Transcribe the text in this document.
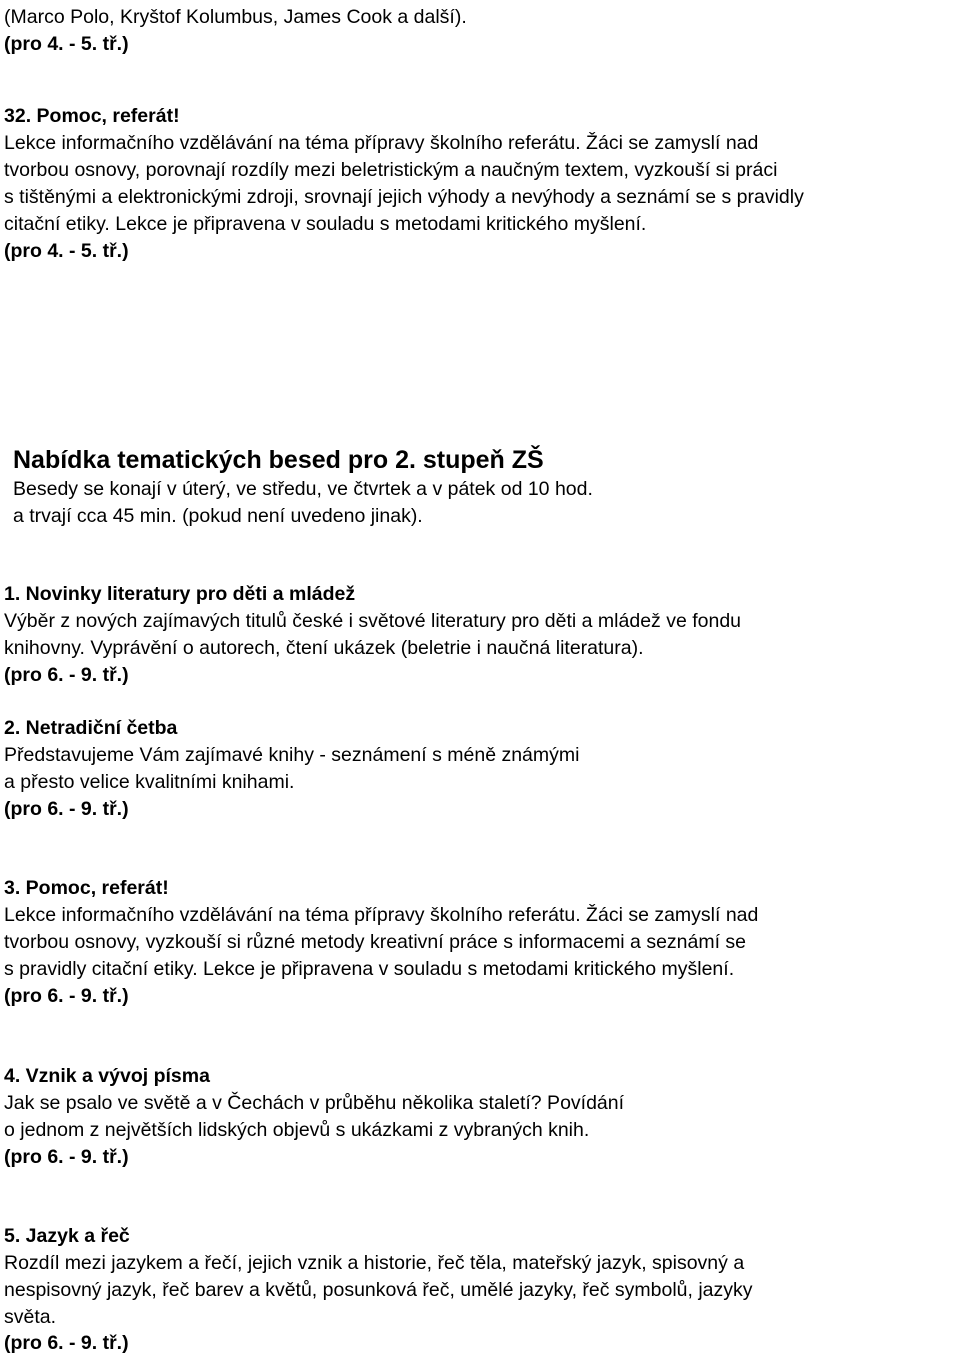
(Marco Polo, Kryštof Kolumbus, James Cook a další).
(pro 4. - 5. tř.)
32. Pomoc, referát!
Lekce informačního vzdělávání na téma přípravy školního referátu. Žáci se zamyslí nad
tvorbou osnovy, porovnají rozdíly mezi beletristickým a naučným textem, vyzkouší si práci
s tištěnými a elektronickými zdroji, srovnají jejich výhody a nevýhody a seznámí se s pravidly
citační etiky. Lekce je připravena v souladu s metodami kritického myšlení.
(pro 4. - 5. tř.)
Nabídka tematických besed pro 2. stupeň ZŠ
Besedy se konají v úterý, ve středu, ve čtvrtek a v pátek od 10 hod.
a trvají cca 45 min. (pokud není uvedeno jinak).
1. Novinky literatury pro děti a mládež
Výběr z nových zajímavých titulů české i světové literatury pro děti a mládež ve fondu
knihovny. Vyprávění o autorech, čtení ukázek (beletrie i naučná literatura).
(pro 6. - 9. tř.)
2. Netradiční četba
Představujeme Vám zajímavé knihy - seznámení s méně známými
a přesto velice kvalitními knihami.
(pro 6. - 9. tř.)
3. Pomoc, referát!
Lekce informačního vzdělávání na téma přípravy školního referátu. Žáci se zamyslí nad
tvorbou osnovy, vyzkouší si různé metody kreativní práce s informacemi a seznámí se
s pravidly citační etiky. Lekce je připravena v souladu s metodami kritického myšlení.
(pro 6. - 9. tř.)
4. Vznik a vývoj písma
Jak se psalo ve světě a v Čechách v průběhu několika staletí? Povídání
o jednom z největších lidských objevů s ukázkami z vybraných knih.
(pro 6. - 9. tř.)
5. Jazyk a řeč
Rozdíl mezi jazykem a řečí, jejich vznik a historie, řeč těla, mateřský jazyk, spisovný a
nespisovný jazyk, řeč barev a květů, posunková řeč, umělé jazyky, řeč symbolů, jazyky
světa.
(pro 6. - 9. tř.)
